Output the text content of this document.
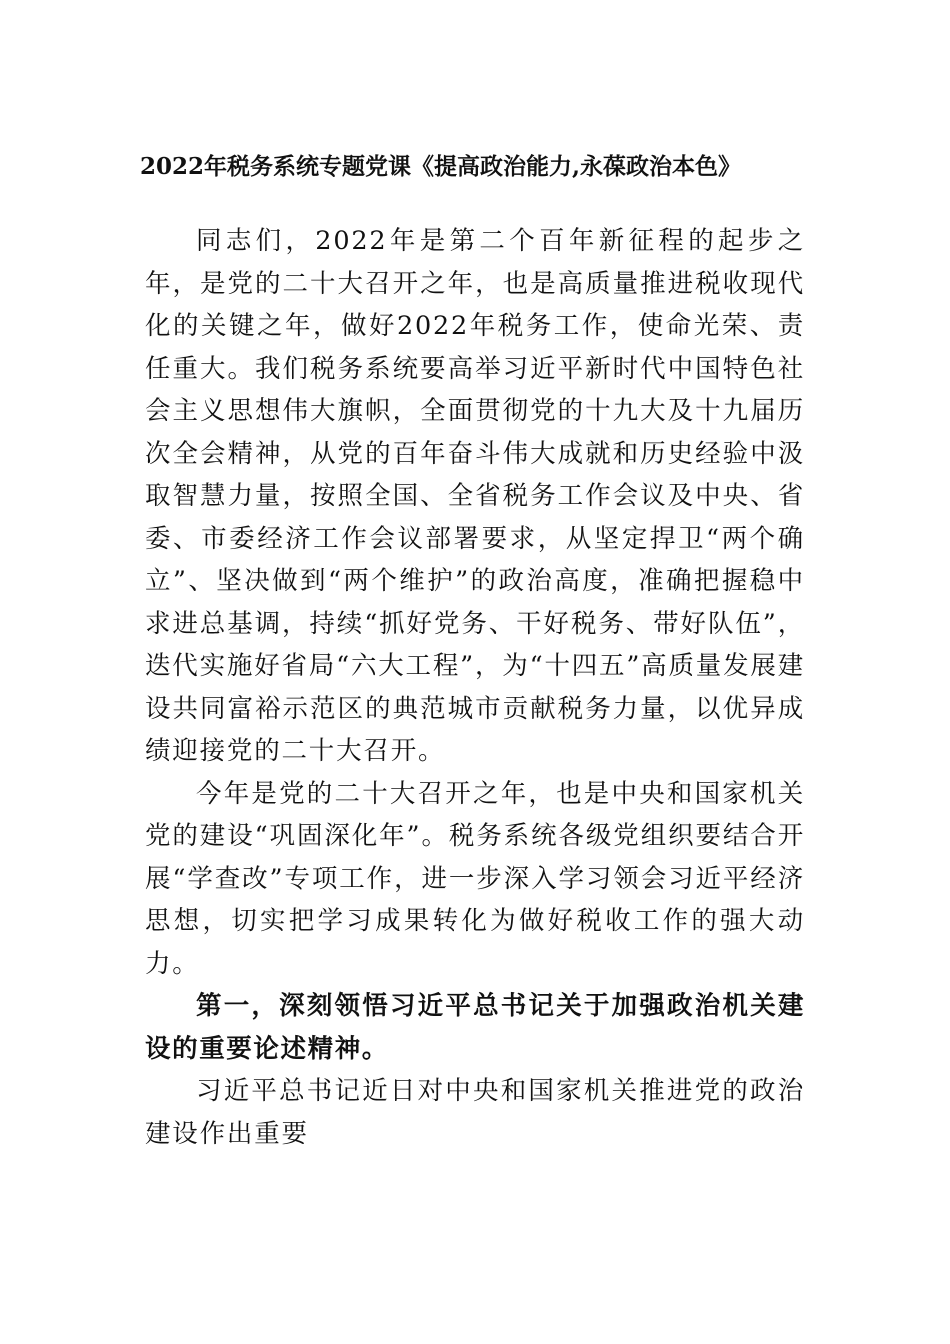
2022年税务系统专题党课《提高政治能力,永葆政治本色》

同志们，2022年是第二个百年新征程的起步之年，是党的二十大召开之年，也是高质量推进税收现代化的关键之年，做好2022年税务工作，使命光荣、责任重大。我们税务系统要高举习近平新时代中国特色社会主义思想伟大旗帜，全面贯彻党的十九大及十九届历次全会精神，从党的百年奋斗伟大成就和历史经验中汲取智慧力量，按照全国、全省税务工作会议及中央、省委、市委经济工作会议部署要求，从坚定捍卫“两个确立”、坚决做到“两个维护”的政治高度，准确把握稳中求进总基调，持续“抓好党务、干好税务、带好队伍”，迭代实施好省局“六大工程”，为“十四五”高质量发展建设共同富裕示范区的典范城市贡献税务力量，以优异成绩迎接党的二十大召开。

今年是党的二十大召开之年，也是中央和国家机关党的建设“巩固深化年”。税务系统各级党组织要结合开展“学查改”专项工作，进一步深入学习领会习近平经济思想，切实把学习成果转化为做好税收工作的强大动力。

第一，深刻领悟习近平总书记关于加强政治机关建设的重要论述精神。

习近平总书记近日对中央和国家机关推进党的政治建设作出重要
